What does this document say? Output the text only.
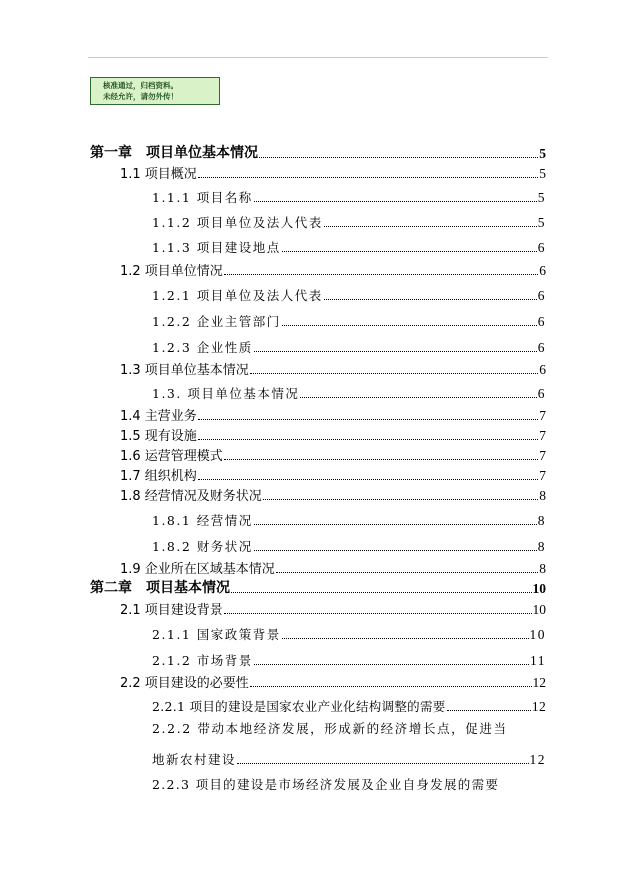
核准通过，归档资料。
未经允许，请勿外传！
第一章　项目单位基本情况	5
1.1 项目概况	5
1.1.1 项目名称	5
1.1.2 项目单位及法人代表	5
1.1.3 项目建设地点	6
1.2 项目单位情况	6
1.2.1 项目单位及法人代表	6
1.2.2 企业主管部门	6
1.2.3 企业性质	6
1.3 项目单位基本情况	6
1.3. 项目单位基本情况	6
1.4 主营业务	7
1.5 现有设施	7
1.6 运营管理模式	7
1.7 组织机构	7
1.8 经营情况及财务状况	8
1.8.1 经营情况	8
1.8.2 财务状况	8
1.9 企业所在区域基本情况	8
第二章　项目基本情况	10
2.1 项目建设背景	10
2.1.1 国家政策背景	10
2.1.2 市场背景	11
2.2 项目建设的必要性	12
2.2.1 项目的建设是国家农业产业化结构调整的需要	12
2.2.2 带动本地经济发展，形成新的经济增长点，促进当
地新农村建设	12
2.2.3 项目的建设是市场经济发展及企业自身发展的需要
